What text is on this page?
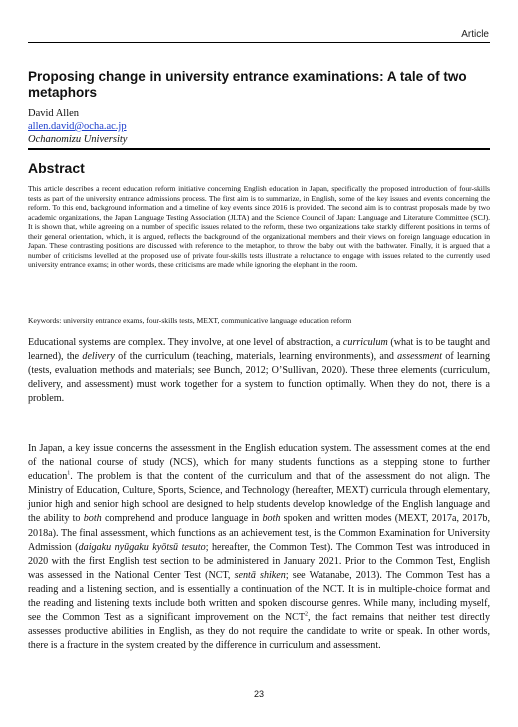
Article
Proposing change in university entrance examinations: A tale of two metaphors
David Allen
allen.david@ocha.ac.jp
Ochanomizu University
Abstract

This article describes a recent education reform initiative concerning English education in Japan, specifically the proposed introduction of four-skills tests as part of the university entrance admissions process. The first aim is to summarize, in English, some of the key issues and events concerning the reform. To this end, background information and a timeline of key events since 2016 is provided. The second aim is to contrast proposals made by two academic organizations, the Japan Language Testing Association (JLTA) and the Science Council of Japan: Language and Literature Committee (SCJ). It is shown that, while agreeing on a number of specific issues related to the reform, these two organizations take starkly different positions in terms of their general orientation, which, it is argued, reflects the background of the organizational members and their views on foreign language education in Japan. These contrasting positions are discussed with reference to the metaphor, to throw the baby out with the bathwater. Finally, it is argued that a number of criticisms levelled at the proposed use of private four-skills tests illustrate a reluctance to engage with issues related to the currently used university entrance exams; in other words, these criticisms are made while ignoring the elephant in the room.

Keywords: university entrance exams, four-skills tests, MEXT, communicative language education reform

Educational systems are complex. They involve, at one level of abstraction, a curriculum (what is to be taught and learned), the delivery of the curriculum (teaching, materials, learning environments), and assessment of learning (tests, evaluation methods and materials; see Bunch, 2012; O’Sullivan, 2020). These three elements (curriculum, delivery, and assessment) must work together for a system to function optimally. When they do not, there is a problem.

In Japan, a key issue concerns the assessment in the English education system. The assessment comes at the end of the national course of study (NCS), which for many students functions as a stepping stone to further education$^1$. The problem is that the content of the curriculum and that of the assessment do not align. The Ministry of Education, Culture, Sports, Science, and Technology (hereafter, MEXT) curricula through elementary, junior high and senior high school are designed to help students develop knowledge of the English language and the ability to both comprehend and produce language in both spoken and written modes (MEXT, 2017a, 2017b, 2018a). The final assessment, which functions as an achievement test, is the Common Examination for University Admission (daigaku nyūgaku kyōtsū tesuto; hereafter, the Common Test). The Common Test was introduced in 2020 with the first English test section to be administered in January 2021. Prior to the Common Test, English was assessed in the National Center Test (NCT, sentā shiken; see Watanabe, 2013). The Common Test has a reading and a listening section, and is essentially a continuation of the NCT. It is in multiple-choice format and the reading and listening texts include both written and spoken discourse genres. While many, including myself, see the Common Test as a significant improvement on the NCT$^2$, the fact remains that neither test directly assesses productive abilities in English, as they do not require the candidate to write or speak. In other words, there is a fracture in the system created by the difference in curriculum and assessment.

23
